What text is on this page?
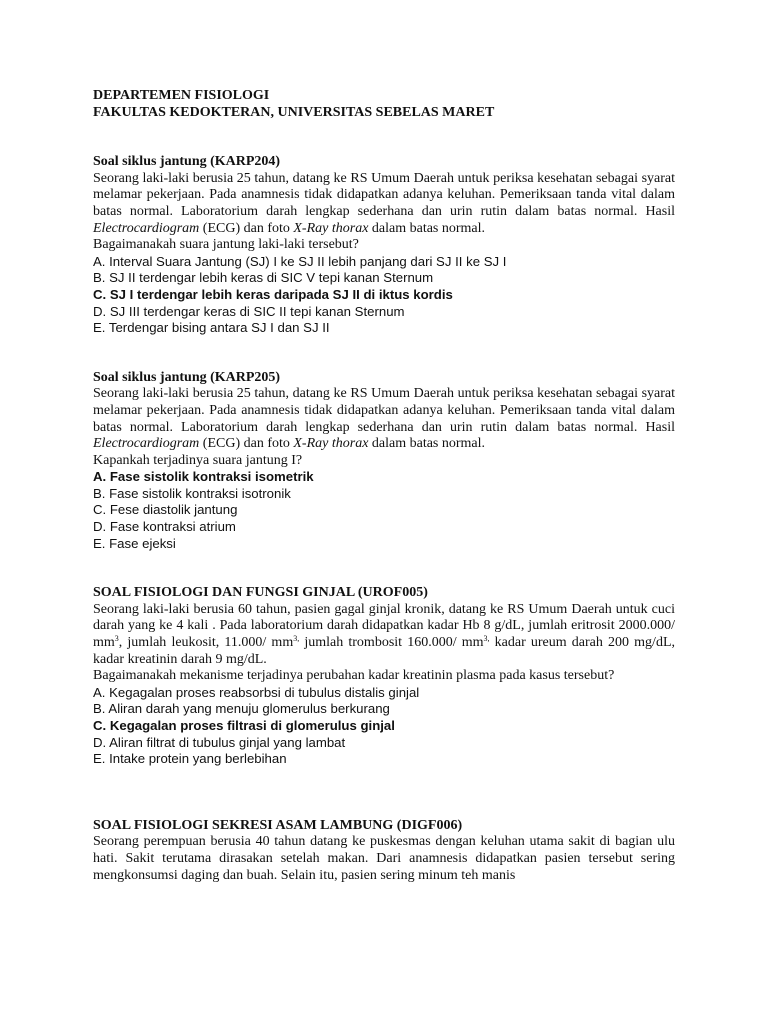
DEPARTEMEN FISIOLOGI
FAKULTAS KEDOKTERAN, UNIVERSITAS SEBELAS MARET
Soal siklus jantung (KARP204)

Seorang laki-laki berusia 25 tahun, datang ke RS Umum Daerah untuk periksa kesehatan sebagai syarat melamar pekerjaan. Pada anamnesis tidak didapatkan adanya keluhan. Pemeriksaan tanda vital dalam batas normal. Laboratorium darah lengkap sederhana dan urin rutin dalam batas normal. Hasil Electrocardiogram (ECG) dan foto X-Ray thorax dalam batas normal.

Bagaimanakah suara jantung laki-laki tersebut?
A. Interval Suara Jantung (SJ) I ke SJ II lebih panjang dari SJ II ke SJ I
B. SJ II terdengar lebih keras di SIC V tepi kanan Sternum
C. SJ I terdengar lebih keras daripada SJ II di iktus kordis
D. SJ III terdengar keras di SIC II tepi kanan Sternum
E. Terdengar bising antara SJ I dan SJ II
Soal siklus jantung (KARP205)

Seorang laki-laki berusia 25 tahun, datang ke RS Umum Daerah untuk periksa kesehatan sebagai syarat melamar pekerjaan. Pada anamnesis tidak didapatkan adanya keluhan. Pemeriksaan tanda vital dalam batas normal. Laboratorium darah lengkap sederhana dan urin rutin dalam batas normal. Hasil Electrocardiogram (ECG) dan foto X-Ray thorax dalam batas normal.

Kapankah terjadinya suara jantung I?
A. Fase sistolik kontraksi isometrik
B. Fase sistolik kontraksi isotronik
C. Fese diastolik jantung
D. Fase kontraksi atrium
E. Fase ejeksi
SOAL FISIOLOGI DAN FUNGSI GINJAL (UROF005)

Seorang laki-laki berusia 60 tahun, pasien gagal ginjal kronik, datang ke RS Umum Daerah untuk cuci darah yang ke 4 kali . Pada laboratorium darah didapatkan kadar Hb 8 g/dL, jumlah eritrosit 2000.000/ $mm^3$, jumlah leukosit, 11.000/ $mm^{3,}$ jumlah trombosit 160.000/ $mm^{3,}$ kadar ureum darah 200 mg/dL, kadar kreatinin darah 9 mg/dL.

Bagaimanakah mekanisme terjadinya perubahan kadar kreatinin plasma pada kasus tersebut?
A. Kegagalan proses reabsorbsi di tubulus distalis ginjal
B. Aliran darah yang menuju glomerulus berkurang
C. Kegagalan proses filtrasi di glomerulus ginjal
D. Aliran filtrat di tubulus ginjal yang lambat
E. Intake protein yang berlebihan
SOAL FISIOLOGI SEKRESI ASAM LAMBUNG (DIGF006)

Seorang perempuan berusia 40 tahun datang ke puskesmas dengan keluhan utama sakit di bagian ulu hati. Sakit terutama dirasakan setelah makan. Dari anamnesis didapatkan pasien tersebut sering mengkonsumsi daging dan buah. Selain itu, pasien sering minum teh manis
